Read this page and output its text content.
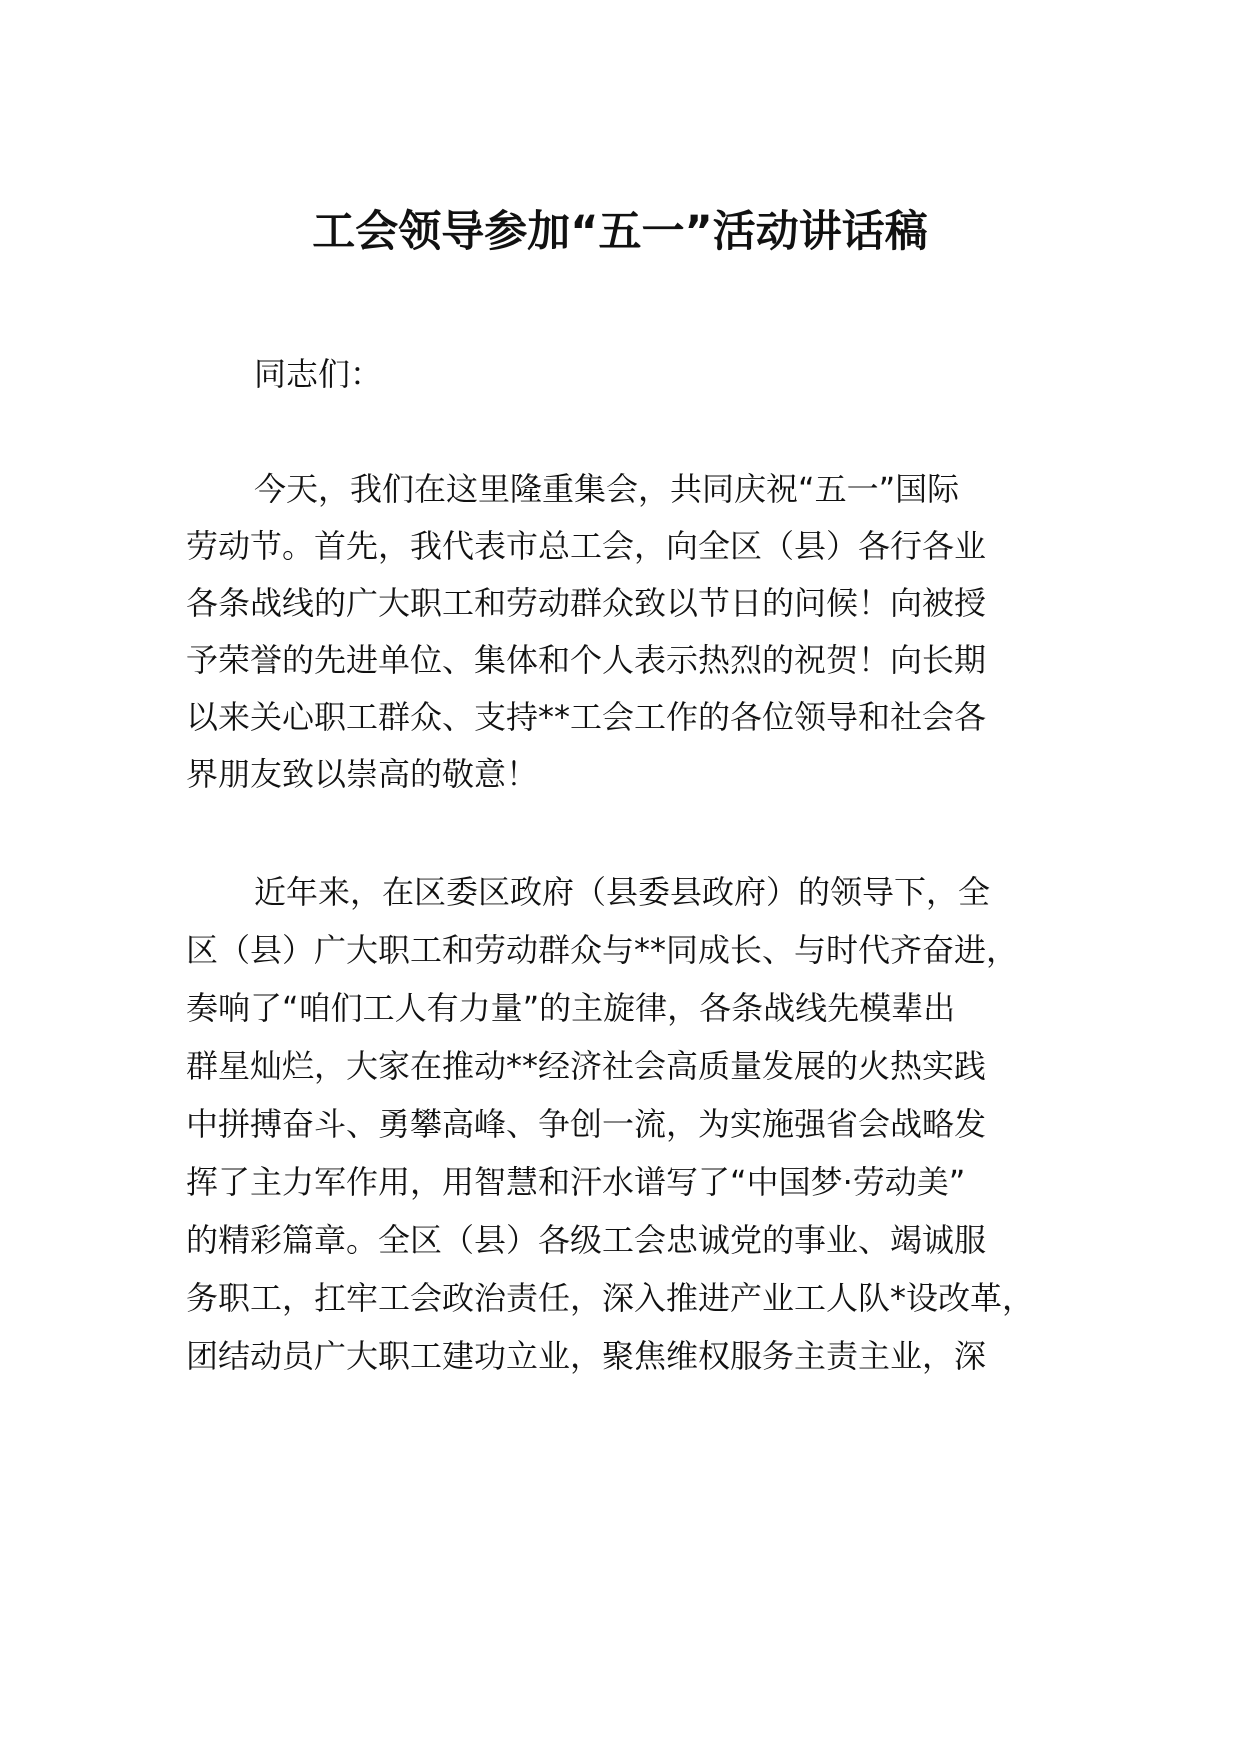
工会领导参加“五一”活动讲话稿
同志们：
今天，我们在这里隆重集会，共同庆祝“五一”国际
劳动节。首先，我代表市总工会，向全区（县）各行各业
各条战线的广大职工和劳动群众致以节日的问候！向被授
予荣誉的先进单位、集体和个人表示热烈的祝贺！向长期
以来关心职工群众、支持**工会工作的各位领导和社会各
界朋友致以崇高的敬意！
近年来，在区委区政府（县委县政府）的领导下，全
区（县）广大职工和劳动群众与**同成长、与时代齐奋进，
奏响了“咱们工人有力量”的主旋律，各条战线先模辈出
群星灿烂，大家在推动**经济社会高质量发展的火热实践
中拼搏奋斗、勇攀高峰、争创一流，为实施强省会战略发
挥了主力军作用，用智慧和汗水谱写了“中国梦·劳动美”
的精彩篇章。全区（县）各级工会忠诚党的事业、竭诚服
务职工，扛牢工会政治责任，深入推进产业工人队*设改革，
团结动员广大职工建功立业，聚焦维权服务主责主业，深
